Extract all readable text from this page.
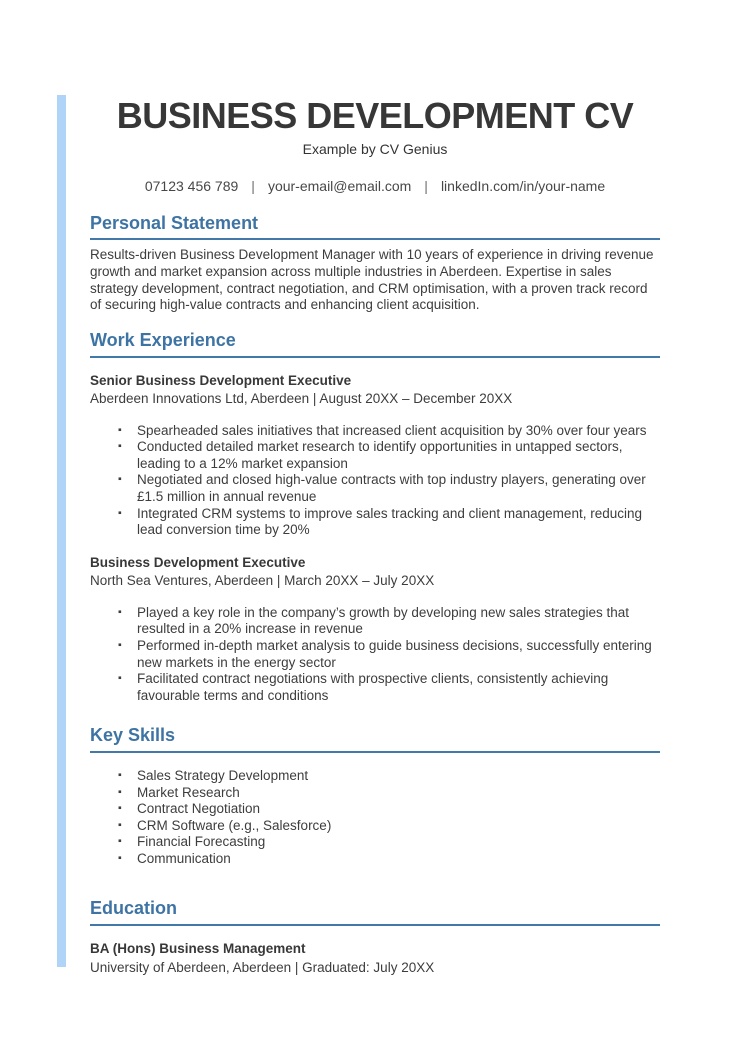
BUSINESS DEVELOPMENT CV
Example by CV Genius
07123 456 789 | your-email@email.com | linkedIn.com/in/your-name
Personal Statement

Results-driven Business Development Manager with 10 years of experience in driving revenue growth and market expansion across multiple industries in Aberdeen. Expertise in sales strategy development, contract negotiation, and CRM optimisation, with a proven track record of securing high-value contracts and enhancing client acquisition.

Work Experience
Senior Business Development Executive
Aberdeen Innovations Ltd, Aberdeen | August 20XX – December 20XX
▪ Spearheaded sales initiatives that increased client acquisition by 30% over four years
▪ Conducted detailed market research to identify opportunities in untapped sectors, leading to a 12% market expansion
▪ Negotiated and closed high-value contracts with top industry players, generating over £1.5 million in annual revenue
▪ Integrated CRM systems to improve sales tracking and client management, reducing lead conversion time by 20%
Business Development Executive
North Sea Ventures, Aberdeen | March 20XX – July 20XX
▪ Played a key role in the company’s growth by developing new sales strategies that resulted in a 20% increase in revenue
▪ Performed in-depth market analysis to guide business decisions, successfully entering new markets in the energy sector
▪ Facilitated contract negotiations with prospective clients, consistently achieving favourable terms and conditions
Key Skills
▪ Sales Strategy Development
▪ Market Research
▪ Contract Negotiation
▪ CRM Software (e.g., Salesforce)
▪ Financial Forecasting
▪ Communication
Education
BA (Hons) Business Management
University of Aberdeen, Aberdeen | Graduated: July 20XX
